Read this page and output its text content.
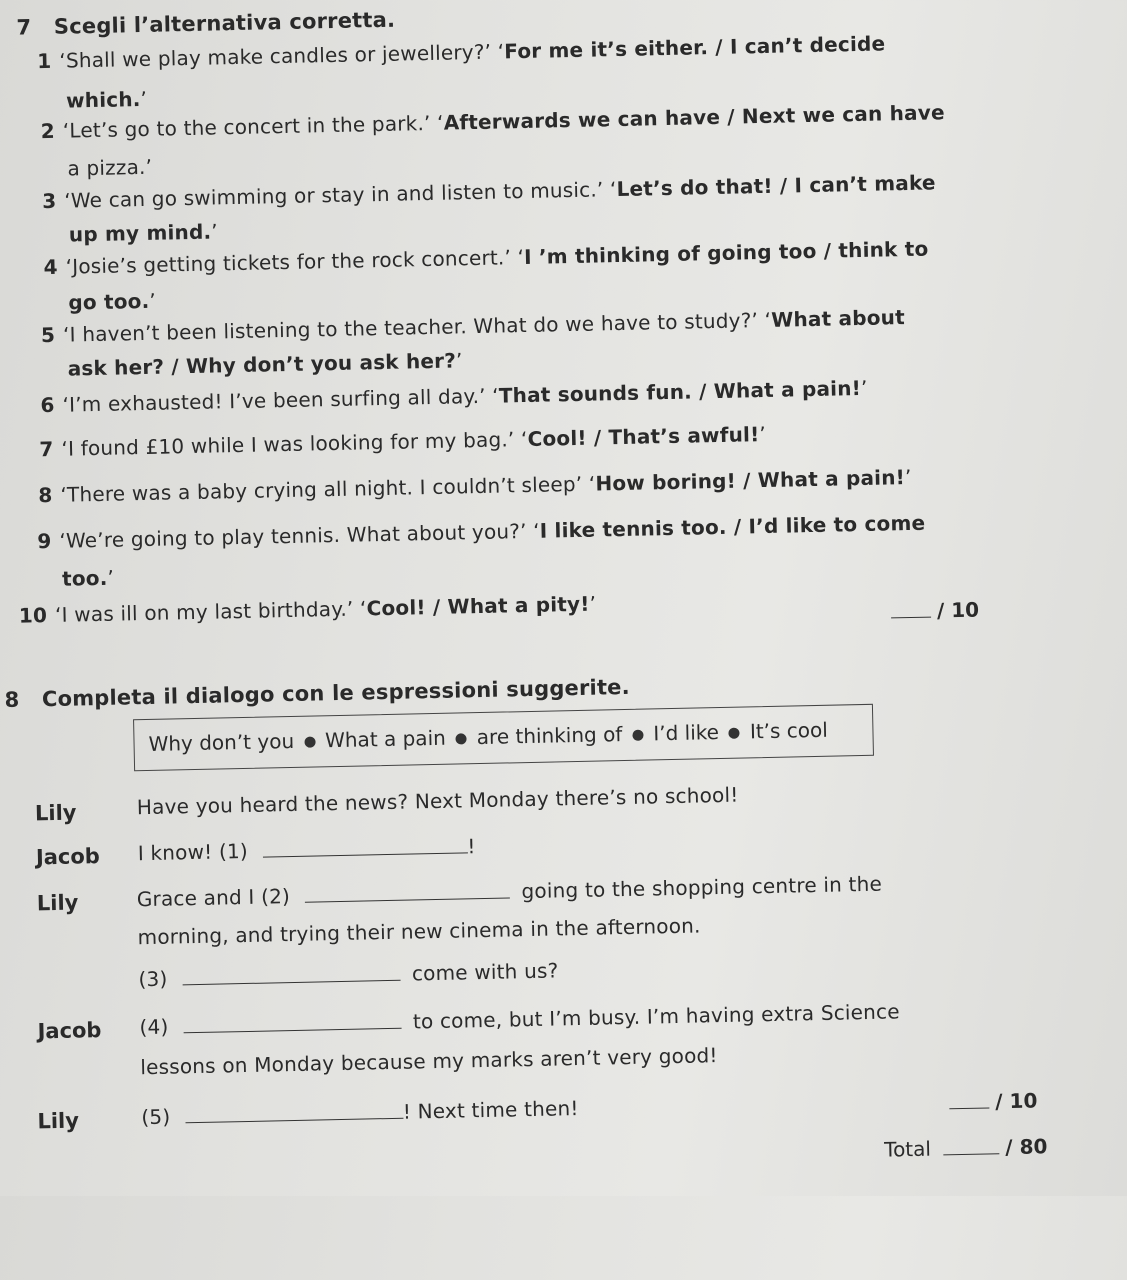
7 Scegli l’alternativa corretta.
1 ‘Shall we play make candles or jewellery?’ ‘For me it’s either. / I can’t decide
which.’
2 ‘Let’s go to the concert in the park.’ ‘Afterwards we can have / Next we can have
a pizza.’
3 ‘We can go swimming or stay in and listen to music.’ ‘Let’s do that! / I can’t make
up my mind.’
4 ‘Josie’s getting tickets for the rock concert.’ ‘I ’m thinking of going too / think to
go too.’
5 ‘I haven’t been listening to the teacher. What do we have to study?’ ‘What about
ask her? / Why don’t you ask her?’
6 ‘I’m exhausted! I’ve been surfing all day.’ ‘That sounds fun. / What a pain!’
7 ‘I found £10 while I was looking for my bag.’ ‘Cool! / That’s awful!’
8 ‘There was a baby crying all night. I couldn’t sleep’ ‘How boring! / What a pain!’
9 ‘We’re going to play tennis. What about you?’ ‘I like tennis too. / I’d like to come
too.’
10 ‘I was ill on my last birthday.’ ‘Cool! / What a pity!’	/ 10
8 Completa il dialogo con le espressioni suggerite.
Why don’t you What a pain are thinking of I’d like It’s cool
Lily	Have you heard the news? Next Monday there’s no school!
Jacob I know! (1)	!
Lily	Grace and I (2)	going to the shopping centre in the
morning, and trying their new cinema in the afternoon.
(3)	come with us?
Jacob (4)	to come, but I’m busy. I’m having extra Science
lessons on Monday because my marks aren’t very good!
Lily	(5)	! Next time then!	/ 10
Total	/ 80
